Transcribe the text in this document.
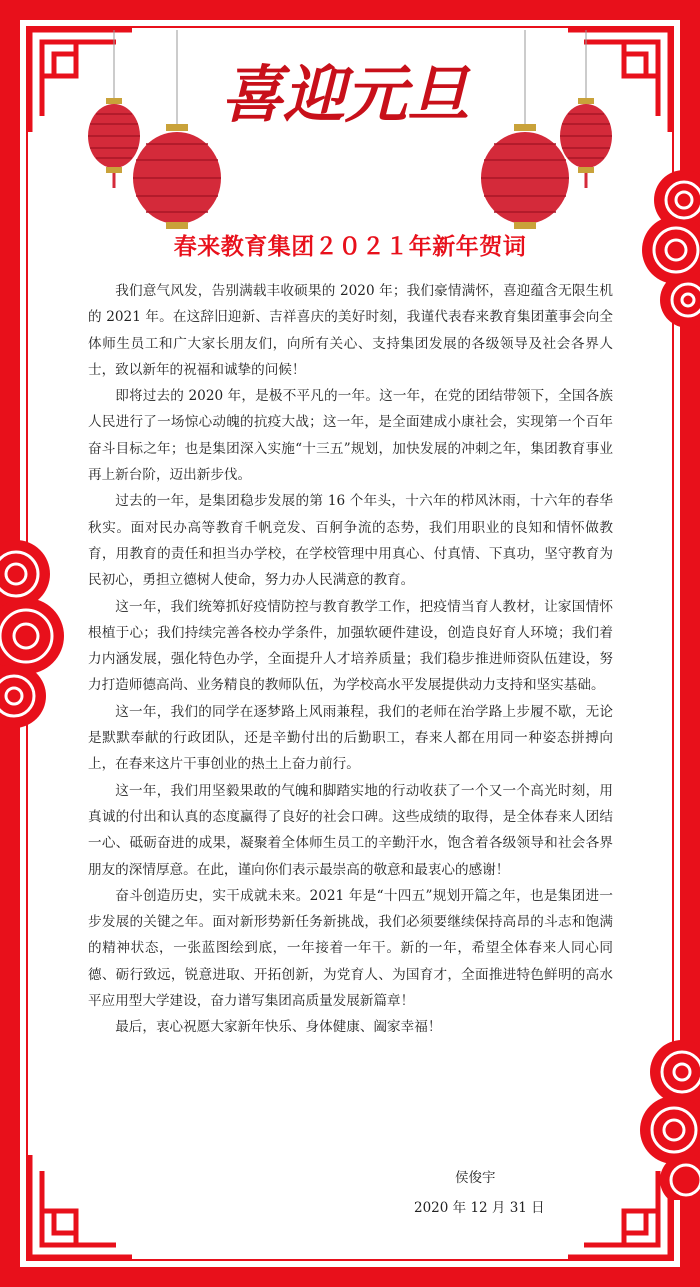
喜迎元旦
春来教育集团２０２１年新年贺词

我们意气风发，告别满载丰收硕果的 2020 年；我们豪情满怀，喜迎蕴含无限生机的 2021 年。在这辞旧迎新、吉祥喜庆的美好时刻，我谨代表春来教育集团董事会向全体师生员工和广大家长朋友们，向所有关心、支持集团发展的各级领导及社会各界人士，致以新年的祝福和诚挚的问候！

即将过去的 2020 年，是极不平凡的一年。这一年，在党的团结带领下，全国各族人民进行了一场惊心动魄的抗疫大战；这一年，是全面建成小康社会，实现第一个百年奋斗目标之年；也是集团深入实施“十三五”规划，加快发展的冲刺之年，集团教育事业再上新台阶，迈出新步伐。

过去的一年，是集团稳步发展的第 16 个年头，十六年的栉风沐雨，十六年的春华秋实。面对民办高等教育千帆竞发、百舸争流的态势，我们用职业的良知和情怀做教育，用教育的责任和担当办学校，在学校管理中用真心、付真情、下真功，坚守教育为民初心，勇担立德树人使命，努力办人民满意的教育。

这一年，我们统筹抓好疫情防控与教育教学工作，把疫情当育人教材，让家国情怀根植于心；我们持续完善各校办学条件，加强软硬件建设，创造良好育人环境；我们着力内涵发展，强化特色办学，全面提升人才培养质量；我们稳步推进师资队伍建设，努力打造师德高尚、业务精良的教师队伍，为学校高水平发展提供动力支持和坚实基础。

这一年，我们的同学在逐梦路上风雨兼程，我们的老师在治学路上步履不歇，无论是默默奉献的行政团队，还是辛勤付出的后勤职工，春来人都在用同一种姿态拼搏向上，在春来这片干事创业的热土上奋力前行。

这一年，我们用坚毅果敢的气魄和脚踏实地的行动收获了一个又一个高光时刻，用真诚的付出和认真的态度赢得了良好的社会口碑。这些成绩的取得，是全体春来人团结一心、砥砺奋进的成果，凝聚着全体师生员工的辛勤汗水，饱含着各级领导和社会各界朋友的深情厚意。在此，谨向你们表示最崇高的敬意和最衷心的感谢！

奋斗创造历史，实干成就未来。2021 年是“十四五”规划开篇之年，也是集团进一步发展的关键之年。面对新形势新任务新挑战，我们必须要继续保持高昂的斗志和饱满的精神状态，一张蓝图绘到底，一年接着一年干。新的一年，希望全体春来人同心同德、砺行致远，锐意进取、开拓创新，为党育人、为国育才，全面推进特色鲜明的高水平应用型大学建设，奋力谱写集团高质量发展新篇章！

最后，衷心祝愿大家新年快乐、身体健康、阖家幸福！

侯俊宇
2020 年 12 月 31 日
